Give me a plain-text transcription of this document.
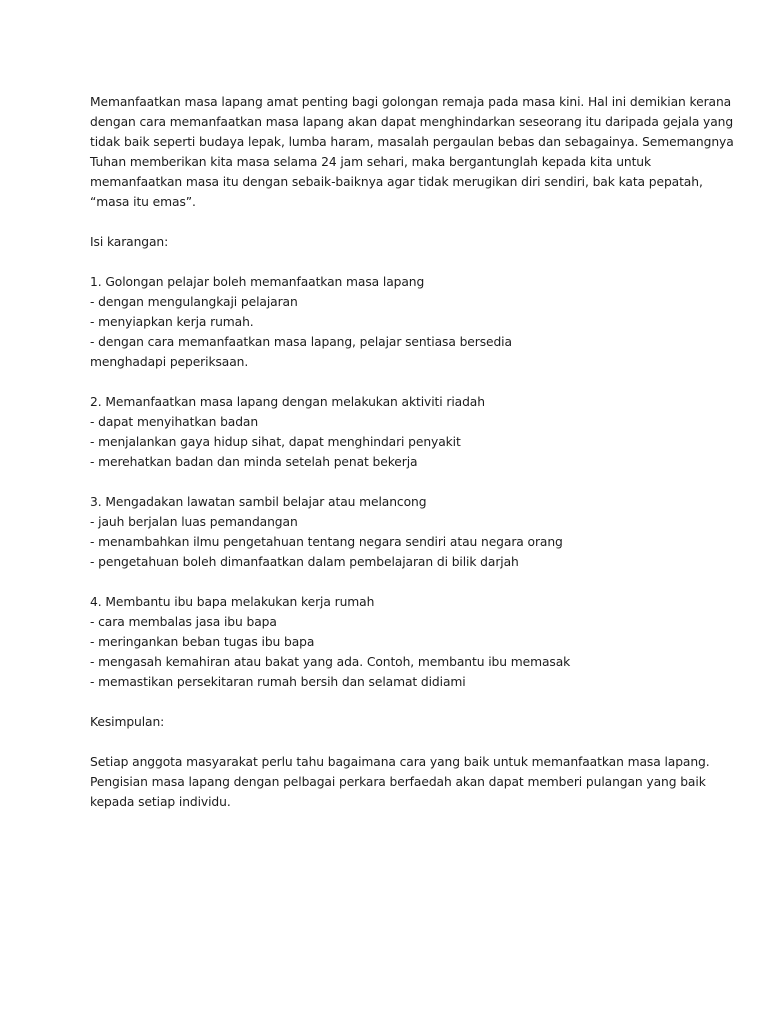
Memanfaatkan masa lapang amat penting bagi golongan remaja pada masa kini. Hal ini demikian kerana
dengan cara memanfaatkan masa lapang akan dapat menghindarkan seseorang itu daripada gejala yang
tidak baik seperti budaya lepak, lumba haram, masalah pergaulan bebas dan sebagainya. Sememangnya
Tuhan memberikan kita masa selama 24 jam sehari, maka bergantunglah kepada kita untuk
memanfaatkan masa itu dengan sebaik-baiknya agar tidak merugikan diri sendiri, bak kata pepatah,
“masa itu emas”.
Isi karangan:
1. Golongan pelajar boleh memanfaatkan masa lapang
- dengan mengulangkaji pelajaran
- menyiapkan kerja rumah.
- dengan cara memanfaatkan masa lapang, pelajar sentiasa bersedia
menghadapi peperiksaan.
2. Memanfaatkan masa lapang dengan melakukan aktiviti riadah
- dapat menyihatkan badan
- menjalankan gaya hidup sihat, dapat menghindari penyakit
- merehatkan badan dan minda setelah penat bekerja
3. Mengadakan lawatan sambil belajar atau melancong
- jauh berjalan luas pemandangan
- menambahkan ilmu pengetahuan tentang negara sendiri atau negara orang
- pengetahuan boleh dimanfaatkan dalam pembelajaran di bilik darjah
4. Membantu ibu bapa melakukan kerja rumah
- cara membalas jasa ibu bapa
- meringankan beban tugas ibu bapa
- mengasah kemahiran atau bakat yang ada. Contoh, membantu ibu memasak
- memastikan persekitaran rumah bersih dan selamat didiami
Kesimpulan:
Setiap anggota masyarakat perlu tahu bagaimana cara yang baik untuk memanfaatkan masa lapang.
Pengisian masa lapang dengan pelbagai perkara berfaedah akan dapat memberi pulangan yang baik
kepada setiap individu.
